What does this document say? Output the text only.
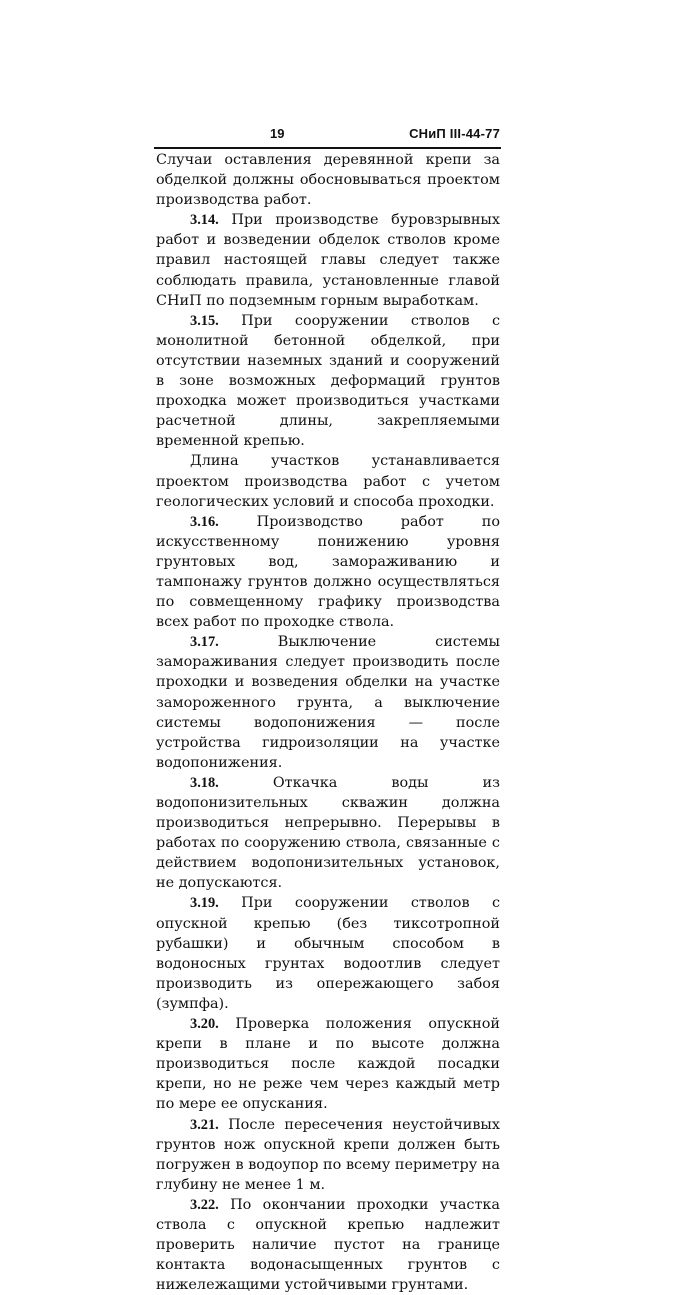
19	СНиП III-44-77

Случаи оставления деревянной крепи за обделкой должны обосновываться проектом производства работ.

3.14. При производстве буровзрывных работ и возведении обделок стволов кроме правил настоящей главы следует также соблюдать правила, установленные главой СНиП по подземным горным выработкам.

3.15. При сооружении стволов с монолитной бетонной обделкой, при отсутствии наземных зданий и сооружений в зоне возможных деформаций грунтов проходка может производиться участками расчетной длины, закрепляемыми временной крепью.

Длина участков устанавливается проектом производства работ с учетом геологических условий и способа проходки.

3.16.	Производство работ по искусственному понижению уровня грунтовых вод, замораживанию и тампонажу грунтов должно осуществляться по совмещенному графику производства всех работ по проходке ствола.

3.17.	Выключение системы замораживания следует производить после проходки и возведения обделки на участке замороженного грунта, а выключение системы водопонижения — после устройства гидроизоляции на участке водопонижения.

3.18.	Откачка воды из водопонизительных скважин должна производиться непрерывно. Перерывы в работах по сооружению ствола, связанные с действием водопонизительных установок, не допускаются.

3.19. При сооружении стволов с опускной крепью (без тиксотропной рубашки) и обычным способом в водоносных грунтах водоотлив следует производить из опережающего забоя (зумпфа).

3.20. Проверка положения опускной крепи в плане и по высоте должна производиться после каждой посадки крепи, но не реже чем через каждый метр по мере ее опускания.

3.21. После пересечения неустойчивых грунтов нож опускной крепи должен быть погружен в водоупор по всему периметру на глубину не менее 1 м.

3.22. По окончании проходки участка ствола с опускной крепью надлежит проверить наличие пустот на границе контакта водонасыщенных грунтов с нижележащими устойчивыми грунтами.
